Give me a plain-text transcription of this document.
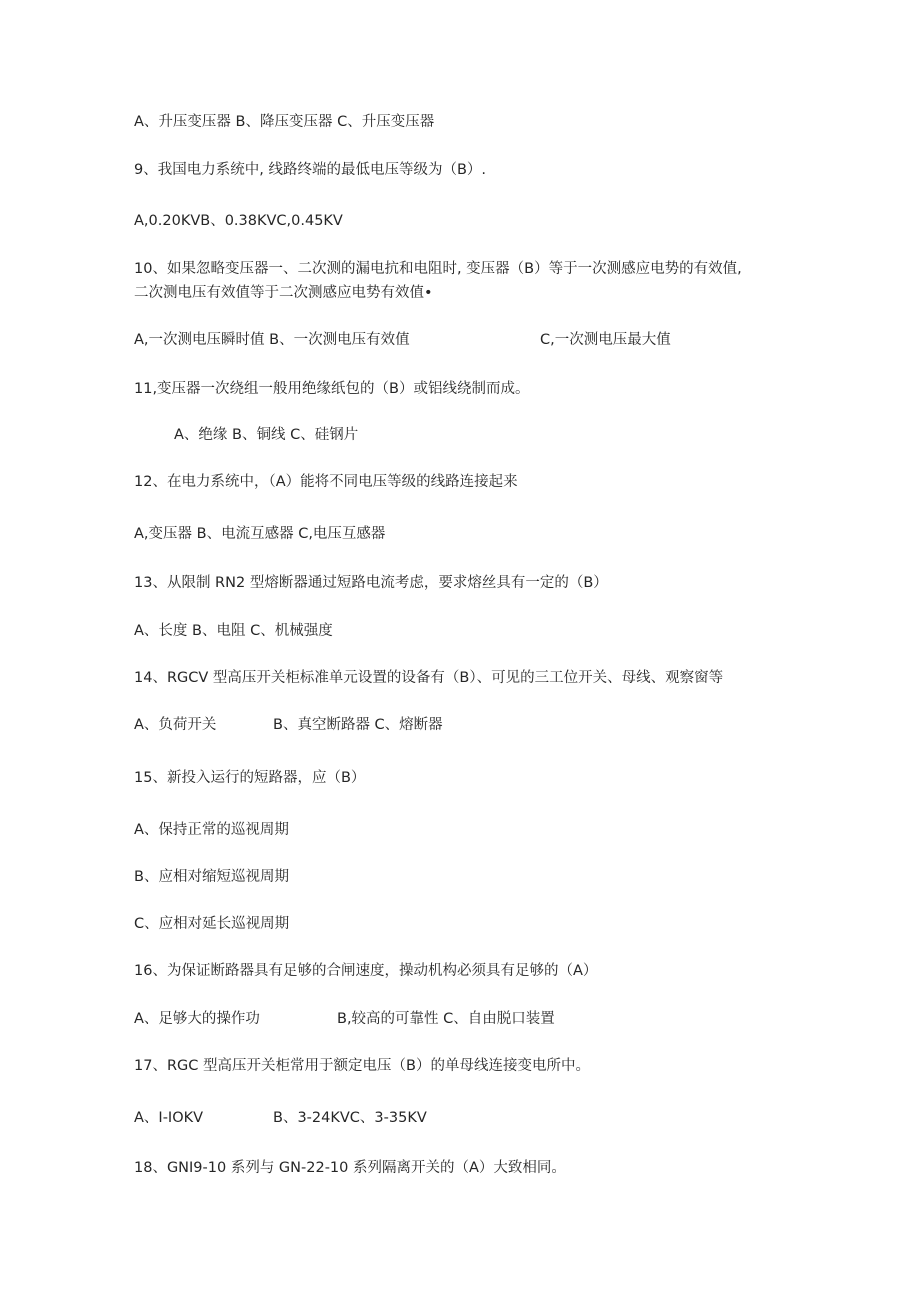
A、升压变压器 B、降压变压器 C、升压变压器
9、我国电力系统中, 线路终端的最低电压等级为（B）.
A,0.20KVB、0.38KVC,0.45KV
10、如果忽略变压器一、二次测的漏电抗和电阻时, 变压器（B）等于一次测感应电势的有效值,
二次测电压有效值等于二次测感应电势有效值•
A,一次测电压瞬时值 B、一次测电压有效值	C,一次测电压最大值
11,变压器一次绕组一般用绝缘纸包的（B）或铝线绕制而成。
A、绝缘 B、铜线 C、硅钢片
12、在电力系统中，（A）能将不同电压等级的线路连接起来
A,变压器 B、电流互感器 C,电压互感器
13、从限制 RN2 型熔断器通过短路电流考虑，要求熔丝具有一定的（B）
A、长度 B、电阻 C、机械强度
14、RGCV 型高压开关柜标准单元设置的设备有（B）、可见的三工位开关、母线、观察窗等
A、负荷开关	B、真空断路器 C、熔断器
15、新投入运行的短路器，应（B）
A、保持正常的巡视周期
B、应相对缩短巡视周期
C、应相对延长巡视周期
16、为保证断路器具有足够的合闸速度，操动机构必须具有足够的（A）
A、足够大的操作功	B,较高的可靠性 C、自由脱口装置
17、RGC 型高压开关柜常用于额定电压（B）的单母线连接变电所中。
A、I-IOKV	B、3-24KVC、3-35KV
18、GNI9-10 系列与 GN-22-10 系列隔离开关的（A）大致相同。
